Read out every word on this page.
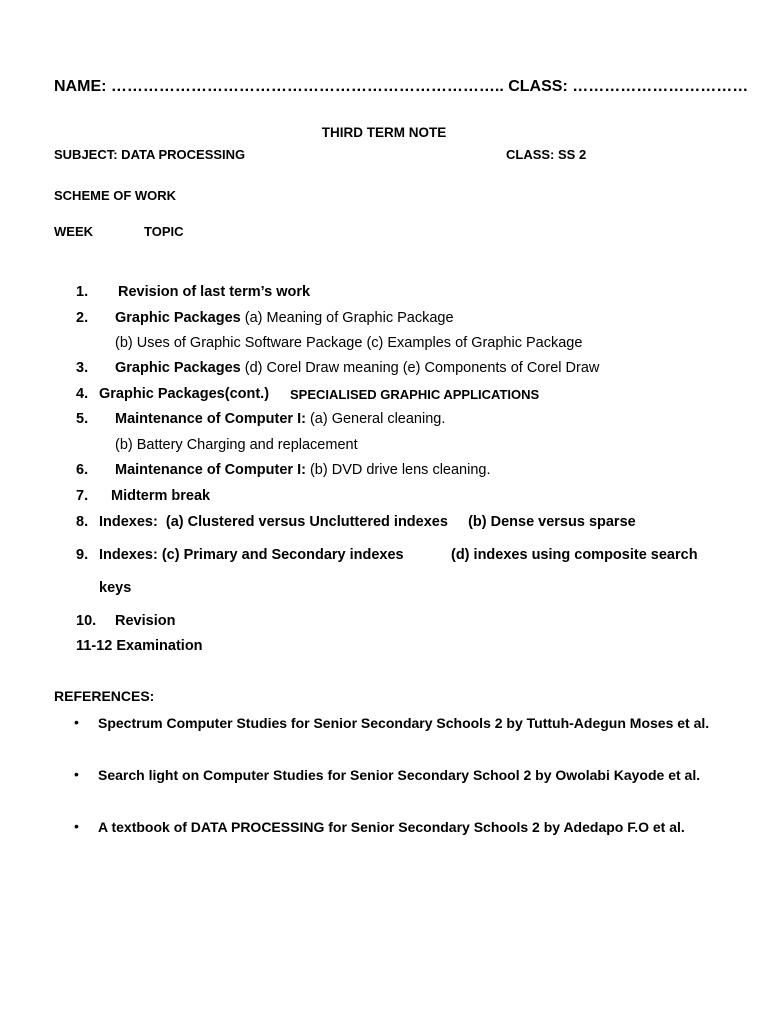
NAME: ……………………………………………………………….. CLASS: ……………………………
THIRD TERM NOTE
SUBJECT: DATA PROCESSING	CLASS: SS 2
SCHEME OF WORK
WEEK	TOPIC
1. Revision of last term’s work
2. Graphic Packages (a) Meaning of Graphic Package
(b) Uses of Graphic Software Package (c) Examples of Graphic Package
3. Graphic Packages (d) Corel Draw meaning (e) Components of Corel Draw
4. Graphic Packages(cont.) SPECIALISED GRAPHIC APPLICATIONS
5. Maintenance of Computer I: (a) General cleaning.
(b) Battery Charging and replacement
6. Maintenance of Computer I: (b) DVD drive lens cleaning.
7. Midterm break
8. Indexes:  (a) Clustered versus Uncluttered indexes     (b) Dense versus sparse
9. Indexes: (c) Primary and Secondary indexes	(d) indexes using composite search
keys
10. Revision
11-12 Examination
REFERENCES:
• Spectrum Computer Studies for Senior Secondary Schools 2 by Tuttuh-Adegun Moses et al.
• Search light on Computer Studies for Senior Secondary School 2 by Owolabi Kayode et al.
• A textbook of DATA PROCESSING for Senior Secondary Schools 2 by Adedapo F.O et al.
